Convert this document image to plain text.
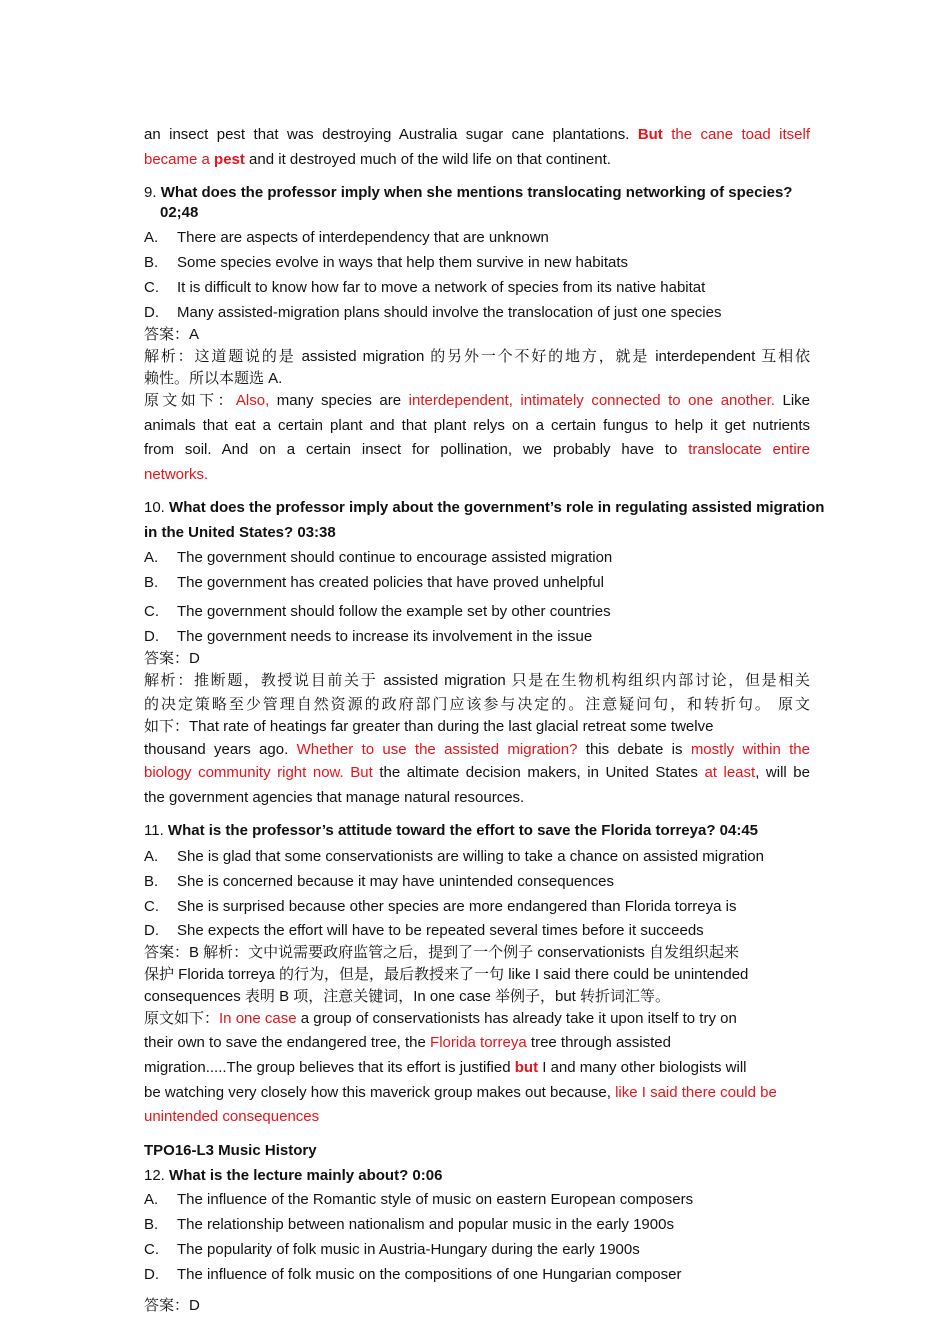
an insect pest that was destroying Australia sugar cane plantations. But the cane toad itself
became a pest and it destroyed much of the wild life on that continent.
9. What does the professor imply when she mentions translocating networking of species?
02;48
A. There are aspects of interdependency that are unknown
B. Some species evolve in ways that help them survive in new habitats
C. It is difficult to know how far to move a network of species from its native habitat
D. Many assisted-migration plans should involve the translocation of just one species
答案：A
解析：这道题说的是 assisted migration 的另外一个不好的地方，就是 interdependent 互相依
赖性。所以本题选 A.
原文如下：Also, many species are interdependent, intimately connected to one another. Like
animals that eat a certain plant and that plant relys on a certain fungus to help it get nutrients
from soil. And on a certain insect for pollination, we probably have to translocate entire
networks.
10. What does the professor imply about the government’s role in regulating assisted migration
in the United States? 03:38
A. The government should continue to encourage assisted migration
B. The government has created policies that have proved unhelpful
C. The government should follow the example set by other countries
D. The government needs to increase its involvement in the issue
答案：D
解析：推断题，教授说目前关于 assisted migration 只是在生物机构组织内部讨论，但是相关
的决定策略至少管理自然资源的政府部门应该参与决定的。注意疑问句，和转折句。 原文
如下：That rate of heatings far greater than during the last glacial retreat some twelve
thousand years ago. Whether to use the assisted migration? this debate is mostly within the
biology community right now. But the altimate decision makers, in United States at least, will be
the government agencies that manage natural resources.
11. What is the professor’s attitude toward the effort to save the Florida torreya? 04:45
A. She is glad that some conservationists are willing to take a chance on assisted migration
B. She is concerned because it may have unintended consequences
C. She is surprised because other species are more endangered than Florida torreya is
D. She expects the effort will have to be repeated several times before it succeeds
答案：B 解析：文中说需要政府监管之后，提到了一个例子 conservationists 自发组织起来
保护 Florida torreya 的行为，但是，最后教授来了一句 like I said there could be unintended
consequences 表明 B 项，注意关键词，In one case 举例子，but 转折词汇等。
原文如下：In one case a group of conservationists has already take it upon itself to try on
their own to save the endangered tree, the Florida torreya tree through assisted
migration.....The group believes that its effort is justified but I and many other biologists will
be watching very closely how this maverick group makes out because, like I said there could be
unintended consequences
TPO16-L3 Music History
12. What is the lecture mainly about? 0:06
A. The influence of the Romantic style of music on eastern European composers
B. The relationship between nationalism and popular music in the early 1900s
C. The popularity of folk music in Austria-Hungary during the early 1900s
D. The influence of folk music on the compositions of one Hungarian composer
答案：D
